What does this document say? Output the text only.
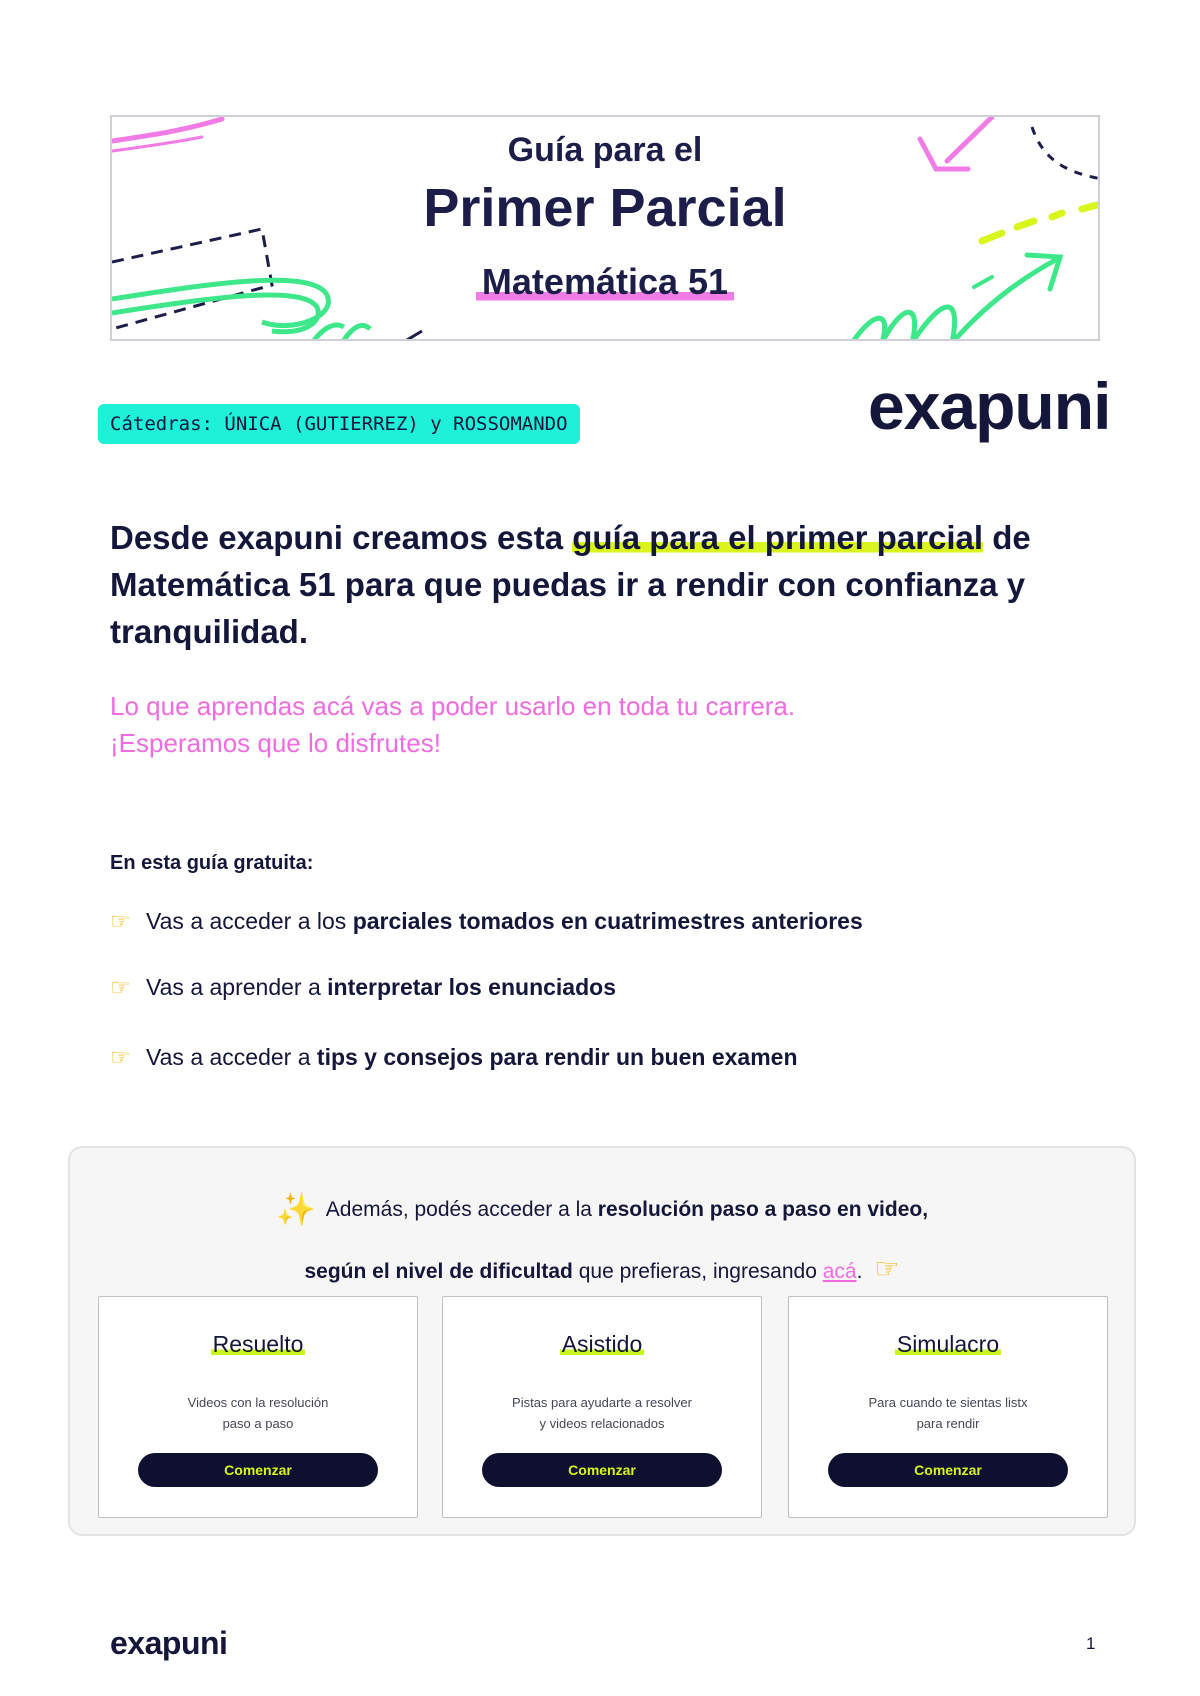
Guía para el
Primer Parcial
Matemática 51
Cátedras: ÚNICA (GUTIERREZ) y ROSSOMANDO	exapuni
Desde exapuni creamos esta guía para el primer parcial de Matemática 51 para que puedas ir a rendir con confianza y tranquilidad.
Lo que aprendas acá vas a poder usarlo en toda tu carrera.
¡Esperamos que lo disfrutes!
En esta guía gratuita:
☞ Vas a acceder a los parciales tomados en cuatrimestres anteriores
☞ Vas a aprender a interpretar los enunciados
☞ Vas a acceder a tips y consejos para rendir un buen examen
✨ Además, podés acceder a la resolución paso a paso en video,
según el nivel de dificultad que prefieras, ingresando acá. ☞
Resuelto
Videos con la resolución
paso a paso
Comenzar
Asistido
Pistas para ayudarte a resolver
y videos relacionados
Comenzar
Simulacro
Para cuando te sientas listx
para rendir
Comenzar
exapuni	1
